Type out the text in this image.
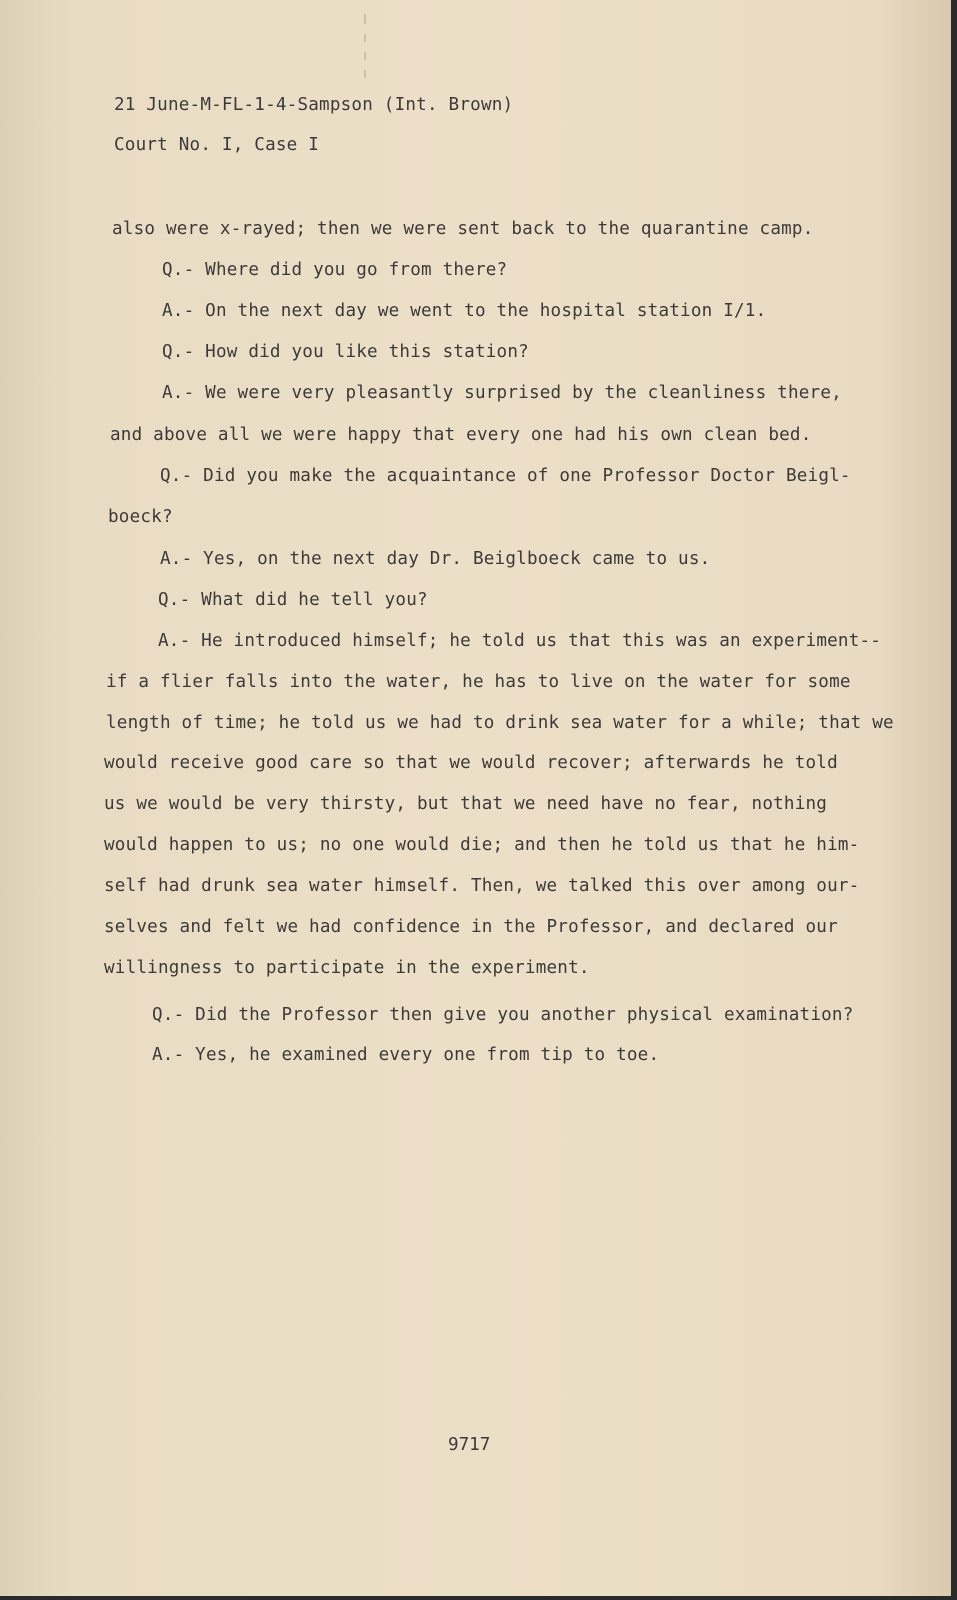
21 June-M-FL-1-4-Sampson (Int. Brown)
Court No. I, Case I
also were x-rayed; then we were sent back to the quarantine camp.
Q.- Where did you go from there?
A.- On the next day we went to the hospital station I/1.
Q.- How did you like this station?
A.- We were very pleasantly surprised by the cleanliness there,
and above all we were happy that every one had his own clean bed.
Q.- Did you make the acquaintance of one Professor Doctor Beigl-
boeck?
A.- Yes, on the next day Dr. Beiglboeck came to us.
Q.- What did he tell you?
A.- He introduced himself; he told us that this was an experiment--
if a flier falls into the water, he has to live on the water for some
length of time; he told us we had to drink sea water for a while; that we
would receive good care so that we would recover; afterwards he told
us we would be very thirsty, but that we need have no fear, nothing
would happen to us; no one would die; and then he told us that he him-
self had drunk sea water himself. Then, we talked this over among our-
selves and felt we had confidence in the Professor, and declared our
willingness to participate in the experiment.
Q.- Did the Professor then give you another physical examination?
A.- Yes, he examined every one from tip to toe.
9717
